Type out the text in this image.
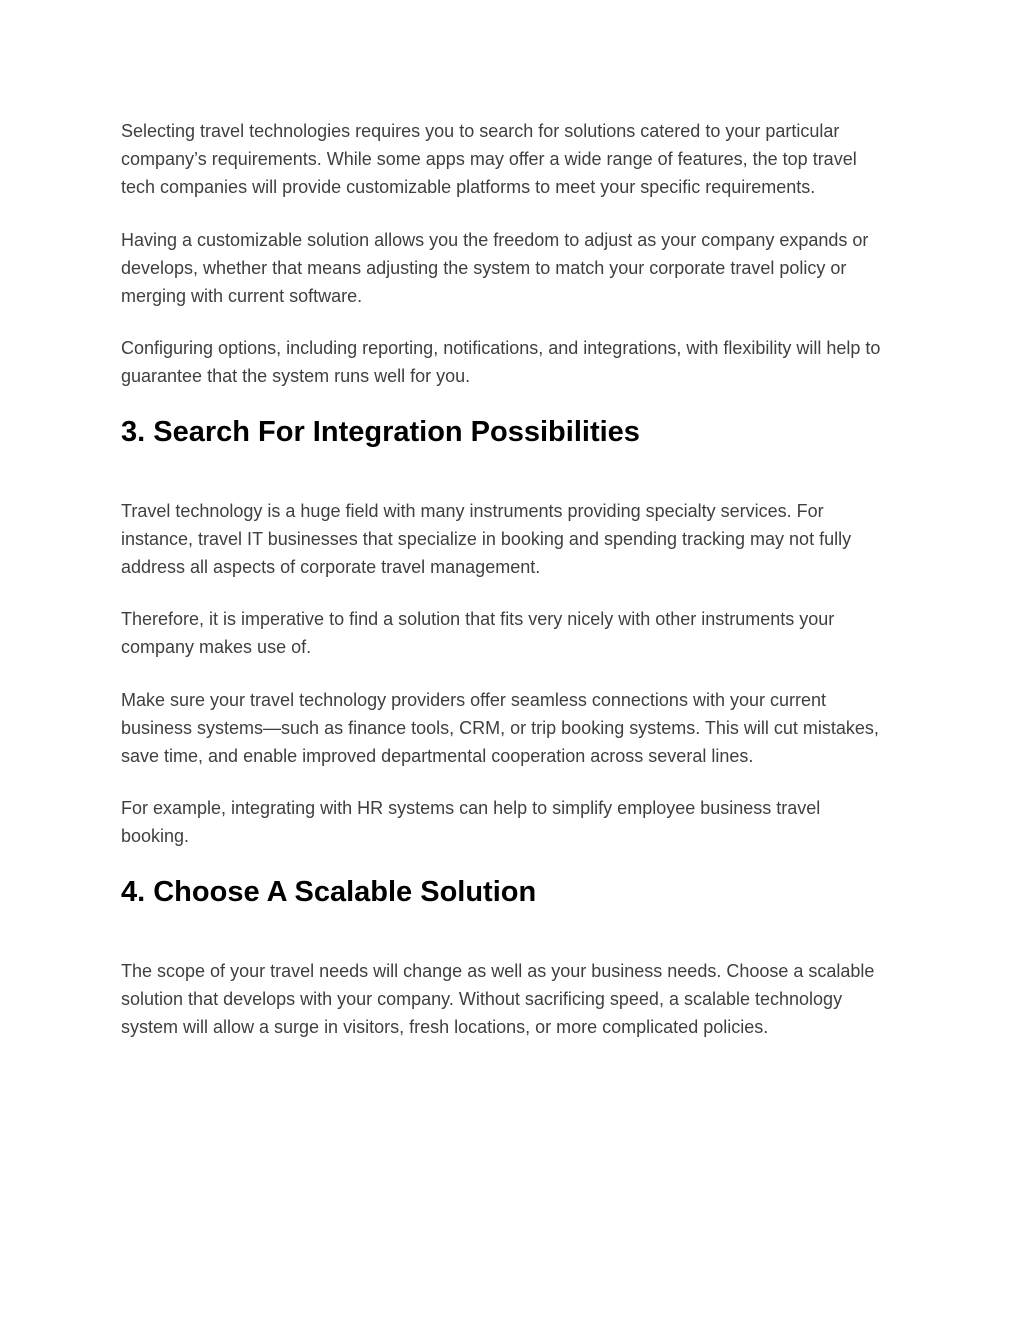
Selecting travel technologies requires you to search for solutions catered to your particular company’s requirements. While some apps may offer a wide range of features, the top travel tech companies will provide customizable platforms to meet your specific requirements.

Having a customizable solution allows you the freedom to adjust as your company expands or develops, whether that means adjusting the system to match your corporate travel policy or merging with current software.

Configuring options, including reporting, notifications, and integrations, with flexibility will help to guarantee that the system runs well for you.

3. Search For Integration Possibilities

Travel technology is a huge field with many instruments providing specialty services. For instance, travel IT businesses that specialize in booking and spending tracking may not fully address all aspects of corporate travel management.

Therefore, it is imperative to find a solution that fits very nicely with other instruments your company makes use of.

Make sure your travel technology providers offer seamless connections with your current business systems—such as finance tools, CRM, or trip booking systems. This will cut mistakes, save time, and enable improved departmental cooperation across several lines.

For example, integrating with HR systems can help to simplify employee business travel booking.

4. Choose A Scalable Solution

The scope of your travel needs will change as well as your business needs. Choose a scalable solution that develops with your company. Without sacrificing speed, a scalable technology system will allow a surge in visitors, fresh locations, or more complicated policies.
